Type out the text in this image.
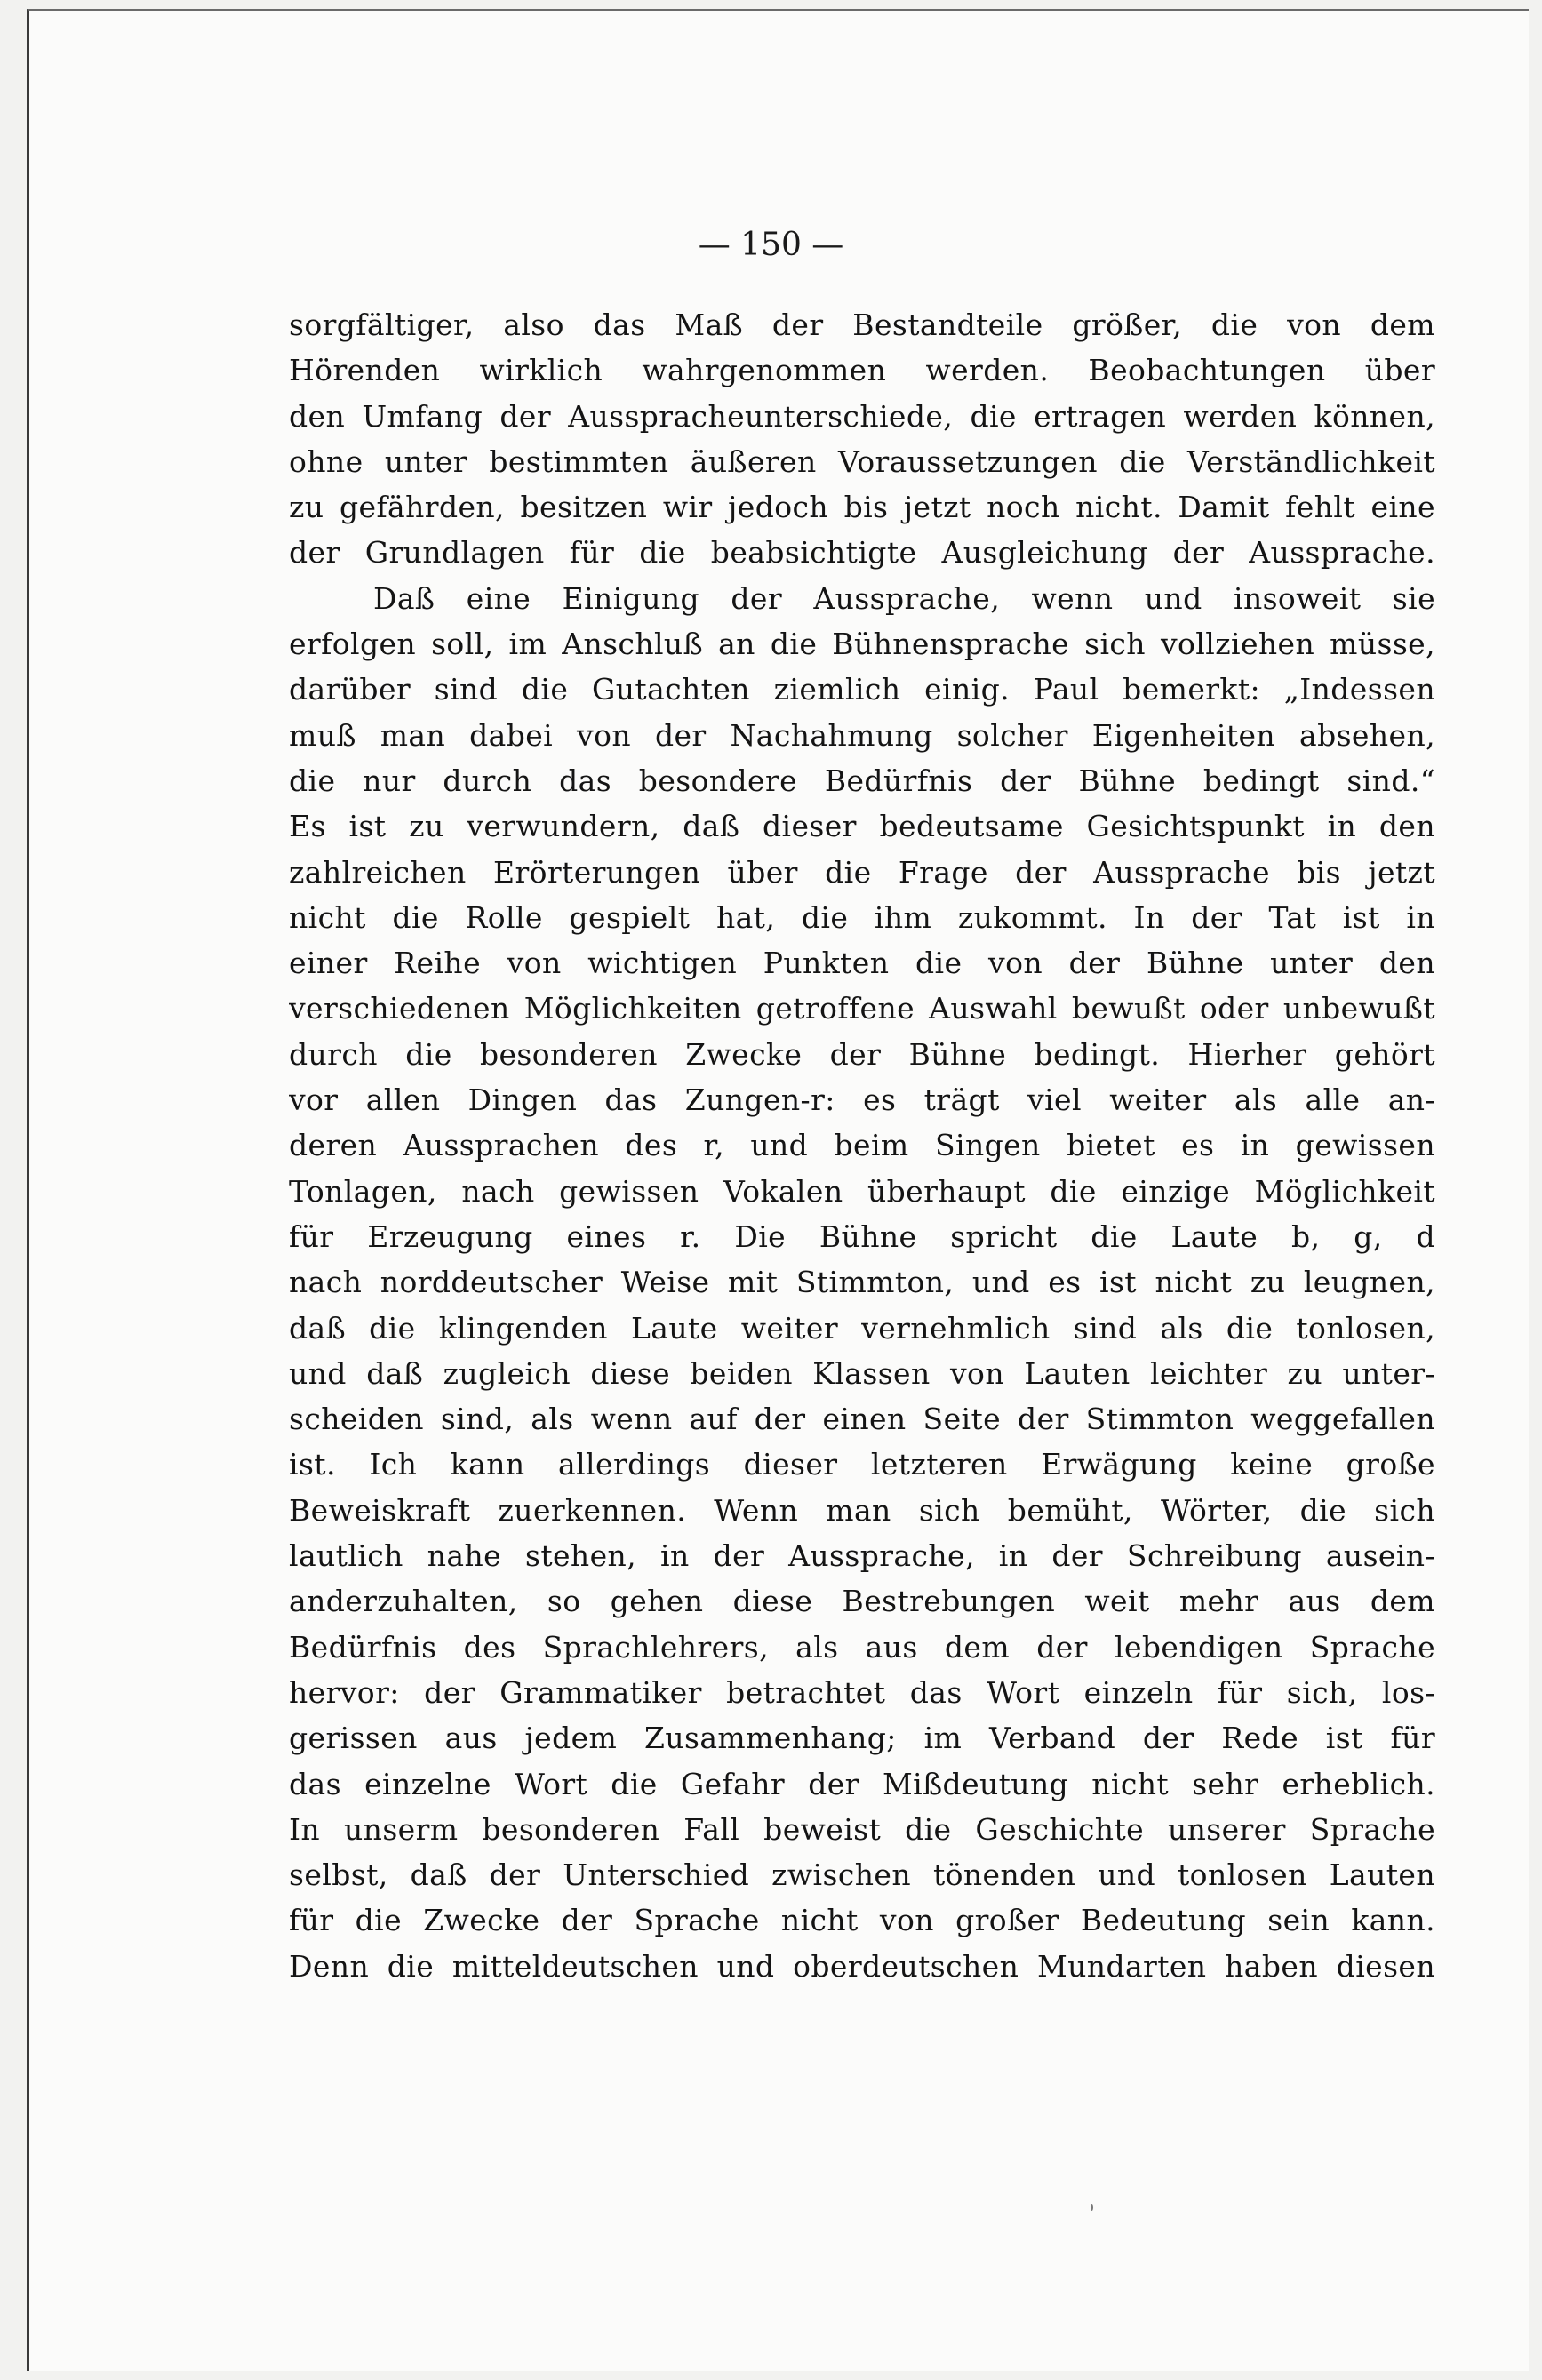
— 150 —

sorgfältiger, also das Maß der Bestandteile größer, die von dem
Hörenden wirklich wahrgenommen werden. Beobachtungen über
den Umfang der Aussprachеunterschiede, die ertragen werden können,
ohne unter bestimmten äußeren Voraussetzungen die Verständlichkeit
zu gefährden, besitzen wir jedoch bis jetzt noch nicht. Damit fehlt eine
der Grundlagen für die beabsichtigte Ausgleichung der Aussprache.
Daß eine Einigung der Aussprache, wenn und insoweit sie
erfolgen soll, im Anschluß an die Bühnensprache sich vollziehen müsse,
darüber sind die Gutachten ziemlich einig. Paul bemerkt: „Indessen
muß man dabei von der Nachahmung solcher Eigenheiten absehen,
die nur durch das besondere Bedürfnis der Bühne bedingt sind.“
Es ist zu verwundern, daß dieser bedeutsame Gesichtspunkt in den
zahlreichen Erörterungen über die Frage der Aussprache bis jetzt
nicht die Rolle gespielt hat, die ihm zukommt. In der Tat ist in
einer Reihe von wichtigen Punkten die von der Bühne unter den
verschiedenen Möglichkeiten getroffene Auswahl bewußt oder unbewußt
durch die besonderen Zwecke der Bühne bedingt. Hierher gehört
vor allen Dingen das Zungen-r: es trägt viel weiter als alle an-
deren Aussprachen des r, und beim Singen bietet es in gewissen
Tonlagen, nach gewissen Vokalen überhaupt die einzige Möglichkeit
für Erzeugung eines r. Die Bühne spricht die Laute b, g, d
nach norddeutscher Weise mit Stimmton, und es ist nicht zu leugnen,
daß die klingenden Laute weiter vernehmlich sind als die tonlosen,
und daß zugleich diese beiden Klassen von Lauten leichter zu unter-
scheiden sind, als wenn auf der einen Seite der Stimmton weggefallen
ist. Ich kann allerdings dieser letzteren Erwägung keine große
Beweiskraft zuerkennen. Wenn man sich bemüht, Wörter, die sich
lautlich nahe stehen, in der Aussprache, in der Schreibung ausein-
anderzuhalten, so gehen diese Bestrebungen weit mehr aus dem
Bedürfnis des Sprachlehrers, als aus dem der lebendigen Sprache
hervor: der Grammatiker betrachtet das Wort einzeln für sich, los-
gerissen aus jedem Zusammenhang; im Verband der Rede ist für
das einzelne Wort die Gefahr der Mißdeutung nicht sehr erheblich.
In unserm besonderen Fall beweist die Geschichte unserer Sprache
selbst, daß der Unterschied zwischen tönenden und tonlosen Lauten
für die Zwecke der Sprache nicht von großer Bedeutung sein kann.
Denn die mitteldeutschen und oberdeutschen Mundarten haben diesen
